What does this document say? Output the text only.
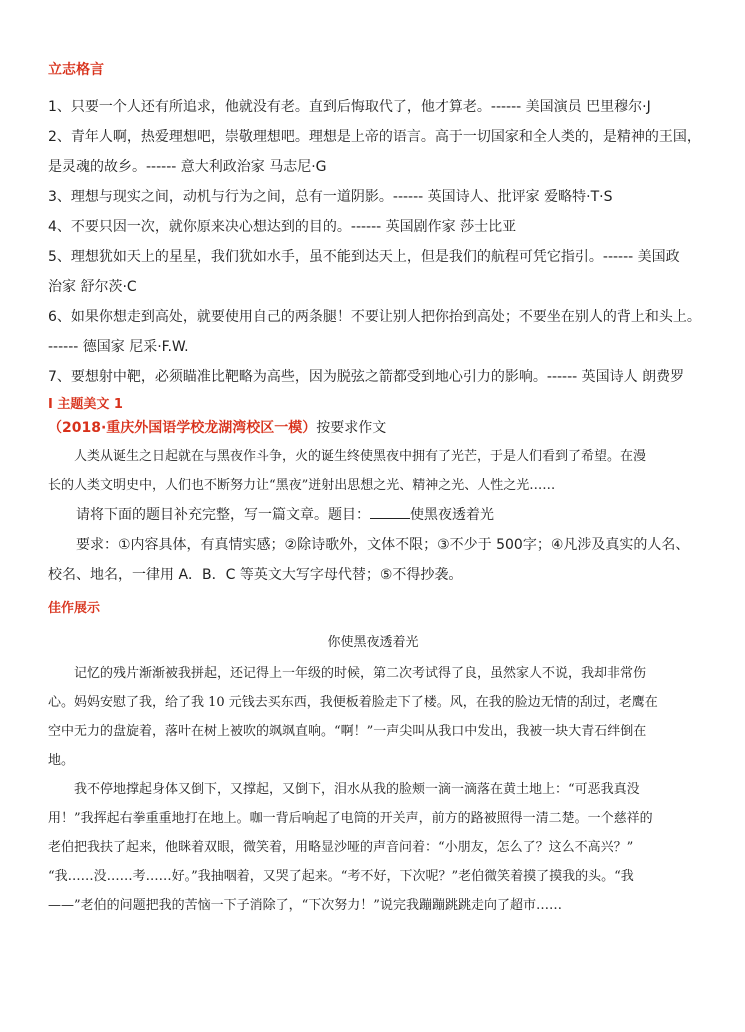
立志格言
1、只要一个人还有所追求，他就没有老。直到后悔取代了，他才算老。------ 美国演员 巴里穆尔·J
2、青年人啊，热爱理想吧，崇敬理想吧。理想是上帝的语言。高于一切国家和全人类的，是精神的王国，
是灵魂的故乡。------ 意大利政治家 马志尼·G
3、理想与现实之间，动机与行为之间，总有一道阴影。------ 英国诗人、批评家 爱略特·T·S
4、不要只因一次，就你原来决心想达到的目的。------ 英国剧作家 莎士比亚
5、理想犹如天上的星星，我们犹如水手，虽不能到达天上，但是我们的航程可凭它指引。------ 美国政
治家 舒尔茨·C
6、如果你想走到高处，就要使用自己的两条腿！不要让别人把你抬到高处；不要坐在别人的背上和头上。
------ 德国家 尼采·F.W.
7、要想射中靶，必须瞄准比靶略为高些，因为脱弦之箭都受到地心引力的影响。------ 英国诗人 朗费罗
I 主题美文 1
（2018·重庆外国语学校龙湖湾校区一模）按要求作文
人类从诞生之日起就在与黑夜作斗争，火的诞生终使黑夜中拥有了光芒，于是人们看到了希望。在漫
长的人类文明史中，人们也不断努力让“黑夜”迸射出思想之光、精神之光、人性之光……
请将下面的题目补充完整，写一篇文章。题目：	使黑夜透着光
要求：①内容具体，有真情实感；②除诗歌外，文体不限；③不少于 500字；④凡涉及真实的人名、
校名、地名，一律用 A．B．C 等英文大写字母代替；⑤不得抄袭。
佳作展示
你使黑夜透着光
记忆的残片渐渐被我拼起，还记得上一年级的时候，第二次考试得了良，虽然家人不说，我却非常伤
心。妈妈安慰了我，给了我 10 元钱去买东西，我便板着脸走下了楼。风，在我的脸边无情的刮过，老鹰在
空中无力的盘旋着，落叶在树上被吹的飒飒直响。“啊！”一声尖叫从我口中发出，我被一块大青石绊倒在
地。
我不停地撑起身体又倒下，又撑起，又倒下，泪水从我的脸颊一滴一滴落在黄土地上：“可恶我真没
用！”我挥起右拳重重地打在地上。咖一背后响起了电筒的开关声，前方的路被照得一清二楚。一个慈祥的
老伯把我扶了起来，他眯着双眼，微笑着，用略显沙哑的声音问着：“小朋友，怎么了？这么不高兴？”
“我……没……考……好。”我抽咽着，又哭了起来。“考不好，下次呢？”老伯微笑着摸了摸我的头。“我
——”老伯的问题把我的苦恼一下子消除了，“下次努力！”说完我蹦蹦跳跳走向了超市……
